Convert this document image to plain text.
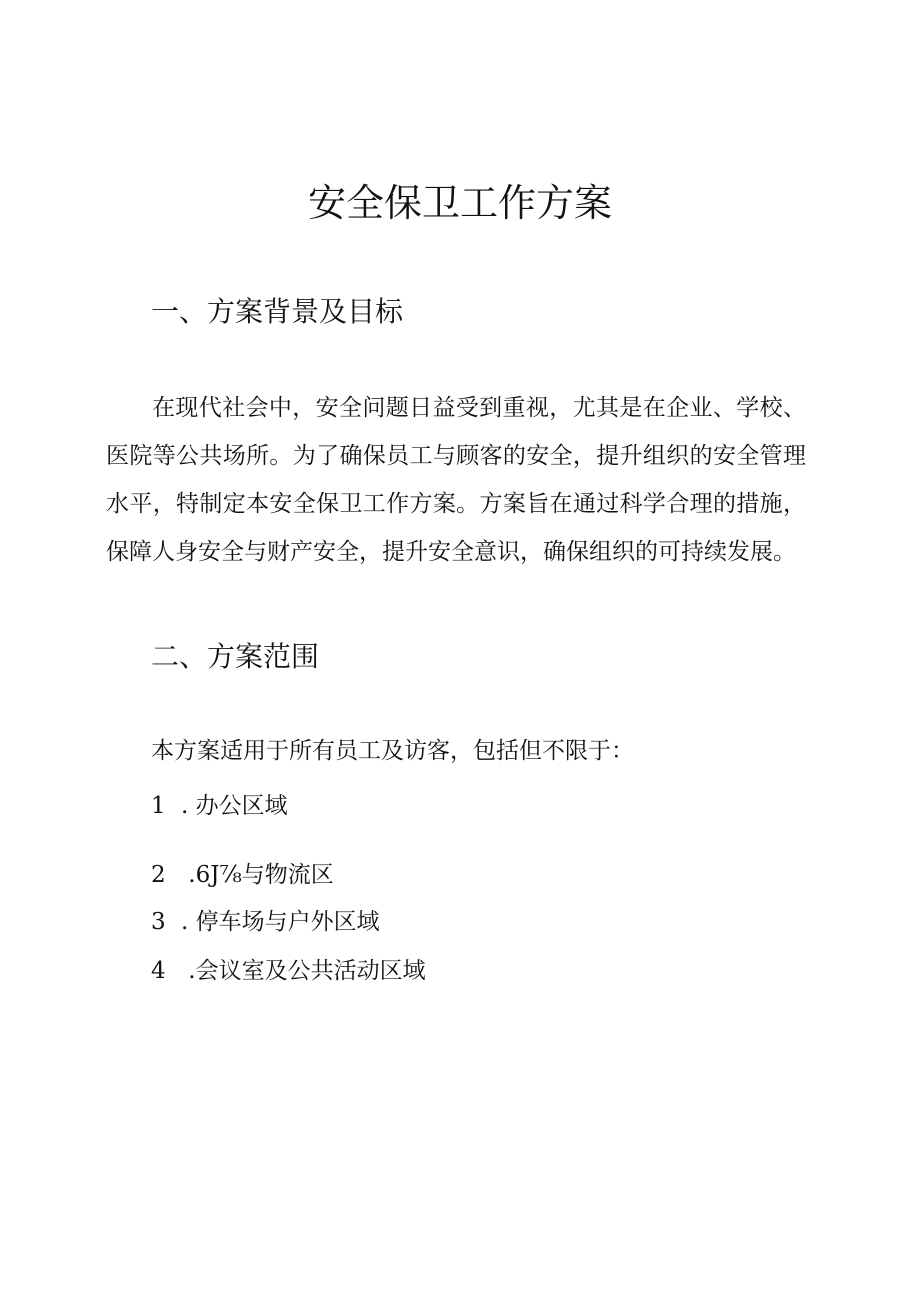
安全保卫工作方案
一、方案背景及目标

在现代社会中，安全问题日益受到重视，尤其是在企业、学校、医院等公共场所。为了确保员工与顾客的安全，提升组织的安全管理水平，特制定本安全保卫工作方案。方案旨在通过科学合理的措施，保障人身安全与财产安全，提升安全意识，确保组织的可持续发展。

二、方案范围
本方案适用于所有员工及访客，包括但不限于：
1 . 办公区域
2 .6J⅞与物流区
3 . 停车场与户外区域
4 .会议室及公共活动区域
